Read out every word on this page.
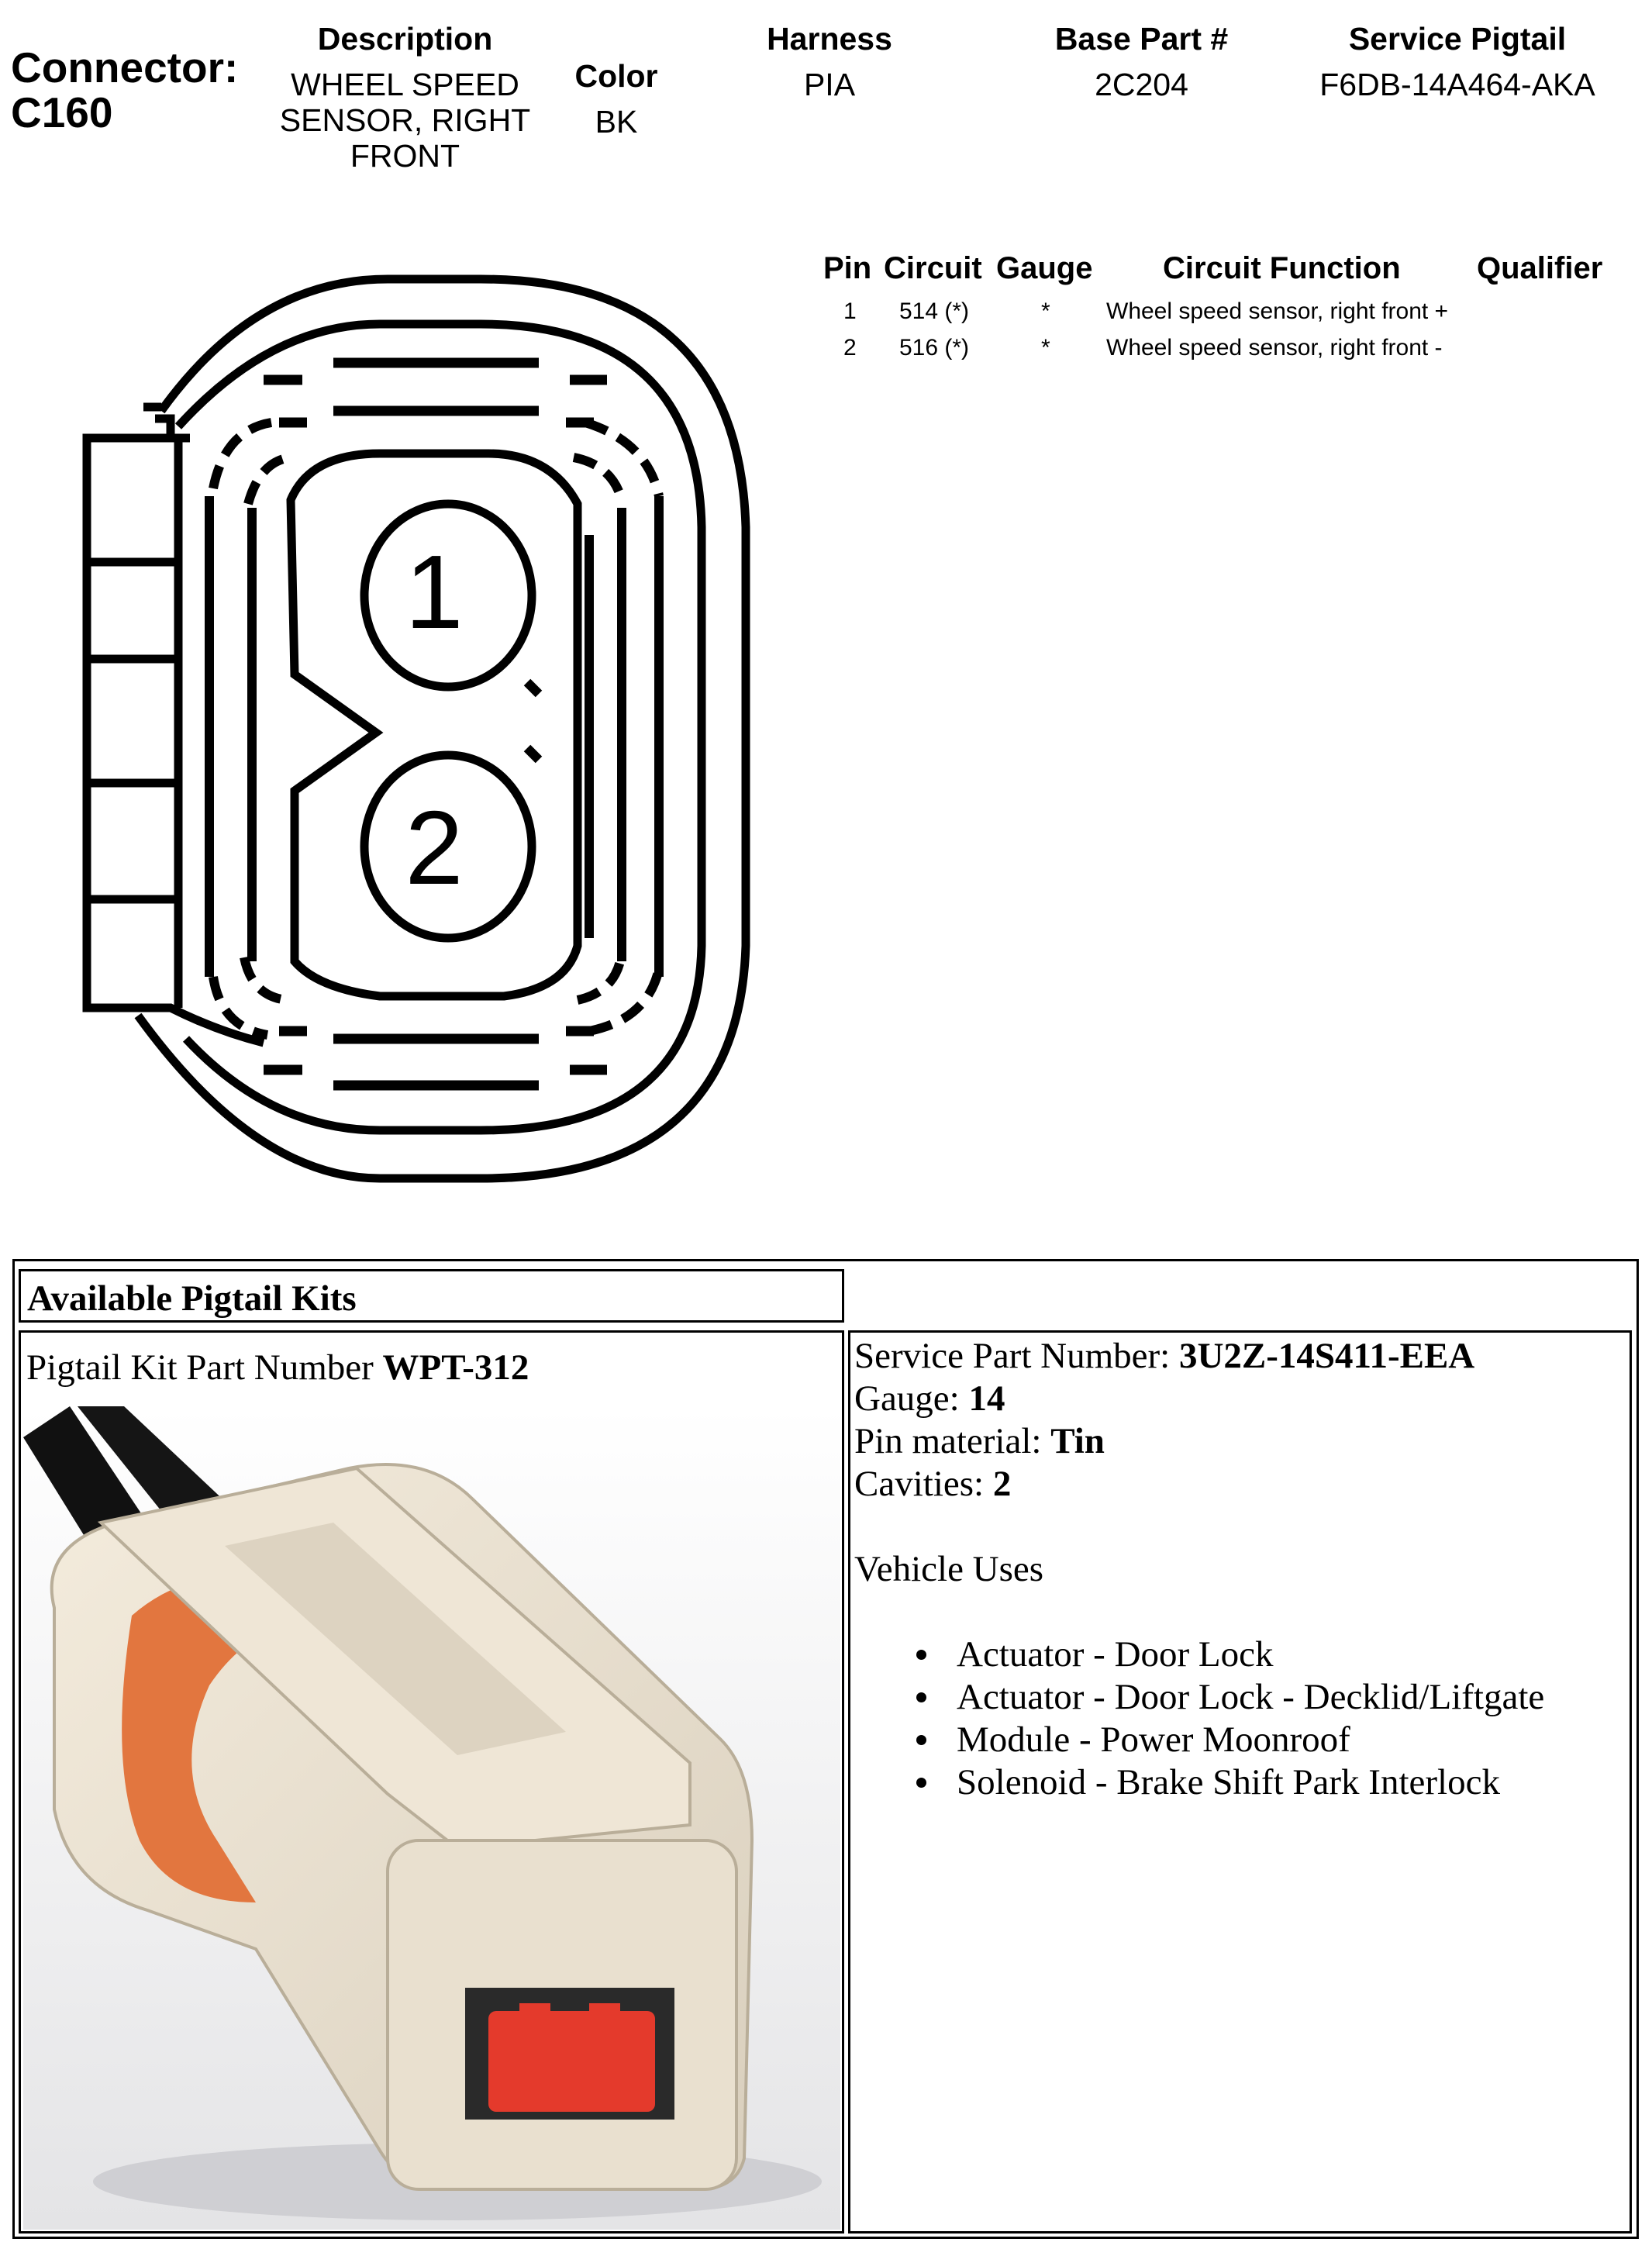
Connector:
C160
Description
WHEEL SPEED
SENSOR, RIGHT
FRONT
Color
BK
Harness
PIA
Base Part #
2C204
Service Pigtail
F6DB-14A464-AKA
1
2
Pin Circuit Gauge Circuit Function Qualifier
1 514 (*)	* Wheel speed sensor, right front +
2 516 (*)	* Wheel speed sensor, right front -
Available Pigtail Kits
Pigtail Kit Part Number WPT-312	Service Part Number: 3U2Z-14S411-EEA
Gauge: 14
Pin material: Tin
Cavities: 2
Vehicle Uses
Actuator - Door Lock
Actuator - Door Lock - Decklid/Liftgate
Module - Power Moonroof
Solenoid - Brake Shift Park Interlock
